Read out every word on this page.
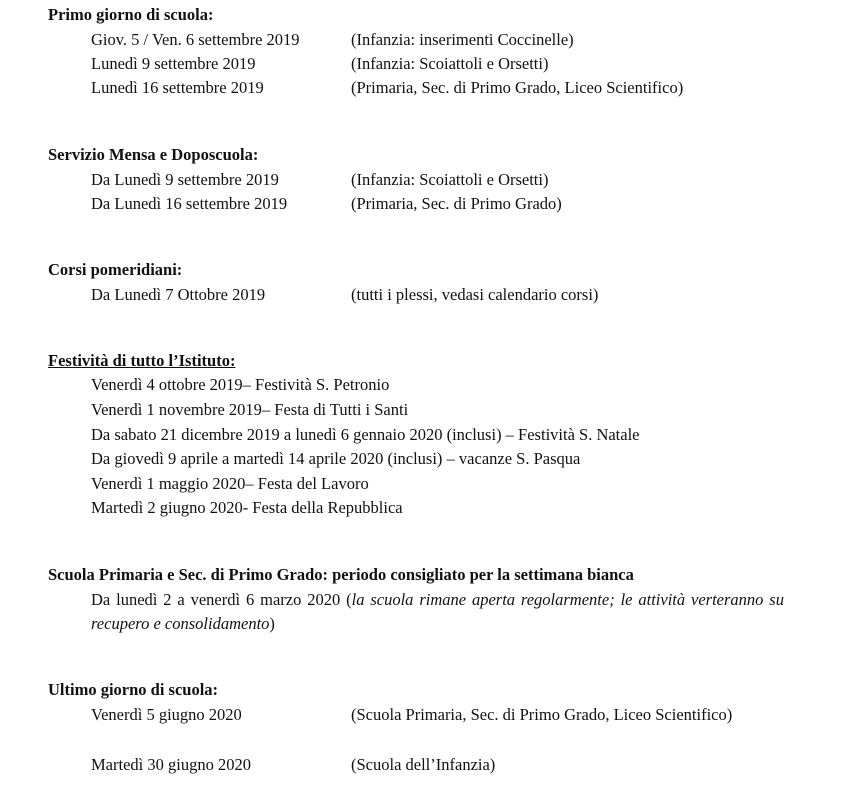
Primo giorno di scuola:
Giov. 5 / Ven. 6 settembre 2019	(Infanzia: inserimenti Coccinelle)
Lunedì 9 settembre 2019	(Infanzia: Scoiattoli e Orsetti)
Lunedì 16 settembre 2019	(Primaria, Sec. di Primo Grado, Liceo Scientifico)
Servizio Mensa e Doposcuola:
Da Lunedì 9 settembre 2019	(Infanzia: Scoiattoli e Orsetti)
Da Lunedì 16 settembre 2019	(Primaria, Sec. di Primo Grado)
Corsi pomeridiani:
Da Lunedì 7 Ottobre 2019	(tutti i plessi, vedasi calendario corsi)
Festività di tutto l’Istituto:
Venerdì 4 ottobre 2019– Festività S. Petronio
Venerdì 1 novembre 2019– Festa di Tutti i Santi
Da sabato 21 dicembre 2019 a lunedì 6 gennaio 2020 (inclusi) – Festività S. Natale
Da giovedì 9 aprile a martedì 14 aprile 2020 (inclusi) – vacanze S. Pasqua
Venerdì 1 maggio 2020– Festa del Lavoro
Martedì 2 giugno 2020- Festa della Repubblica
Scuola Primaria e Sec. di Primo Grado: periodo consigliato per la settimana bianca
Da lunedì 2 a venerdì 6 marzo 2020 (la scuola rimane aperta regolarmente; le attività verteranno su recupero e consolidamento)
Ultimo giorno di scuola:
Venerdì 5 giugno 2020	(Scuola Primaria, Sec. di Primo Grado, Liceo Scientifico)
Martedì 30 giugno 2020	(Scuola dell’Infanzia)
